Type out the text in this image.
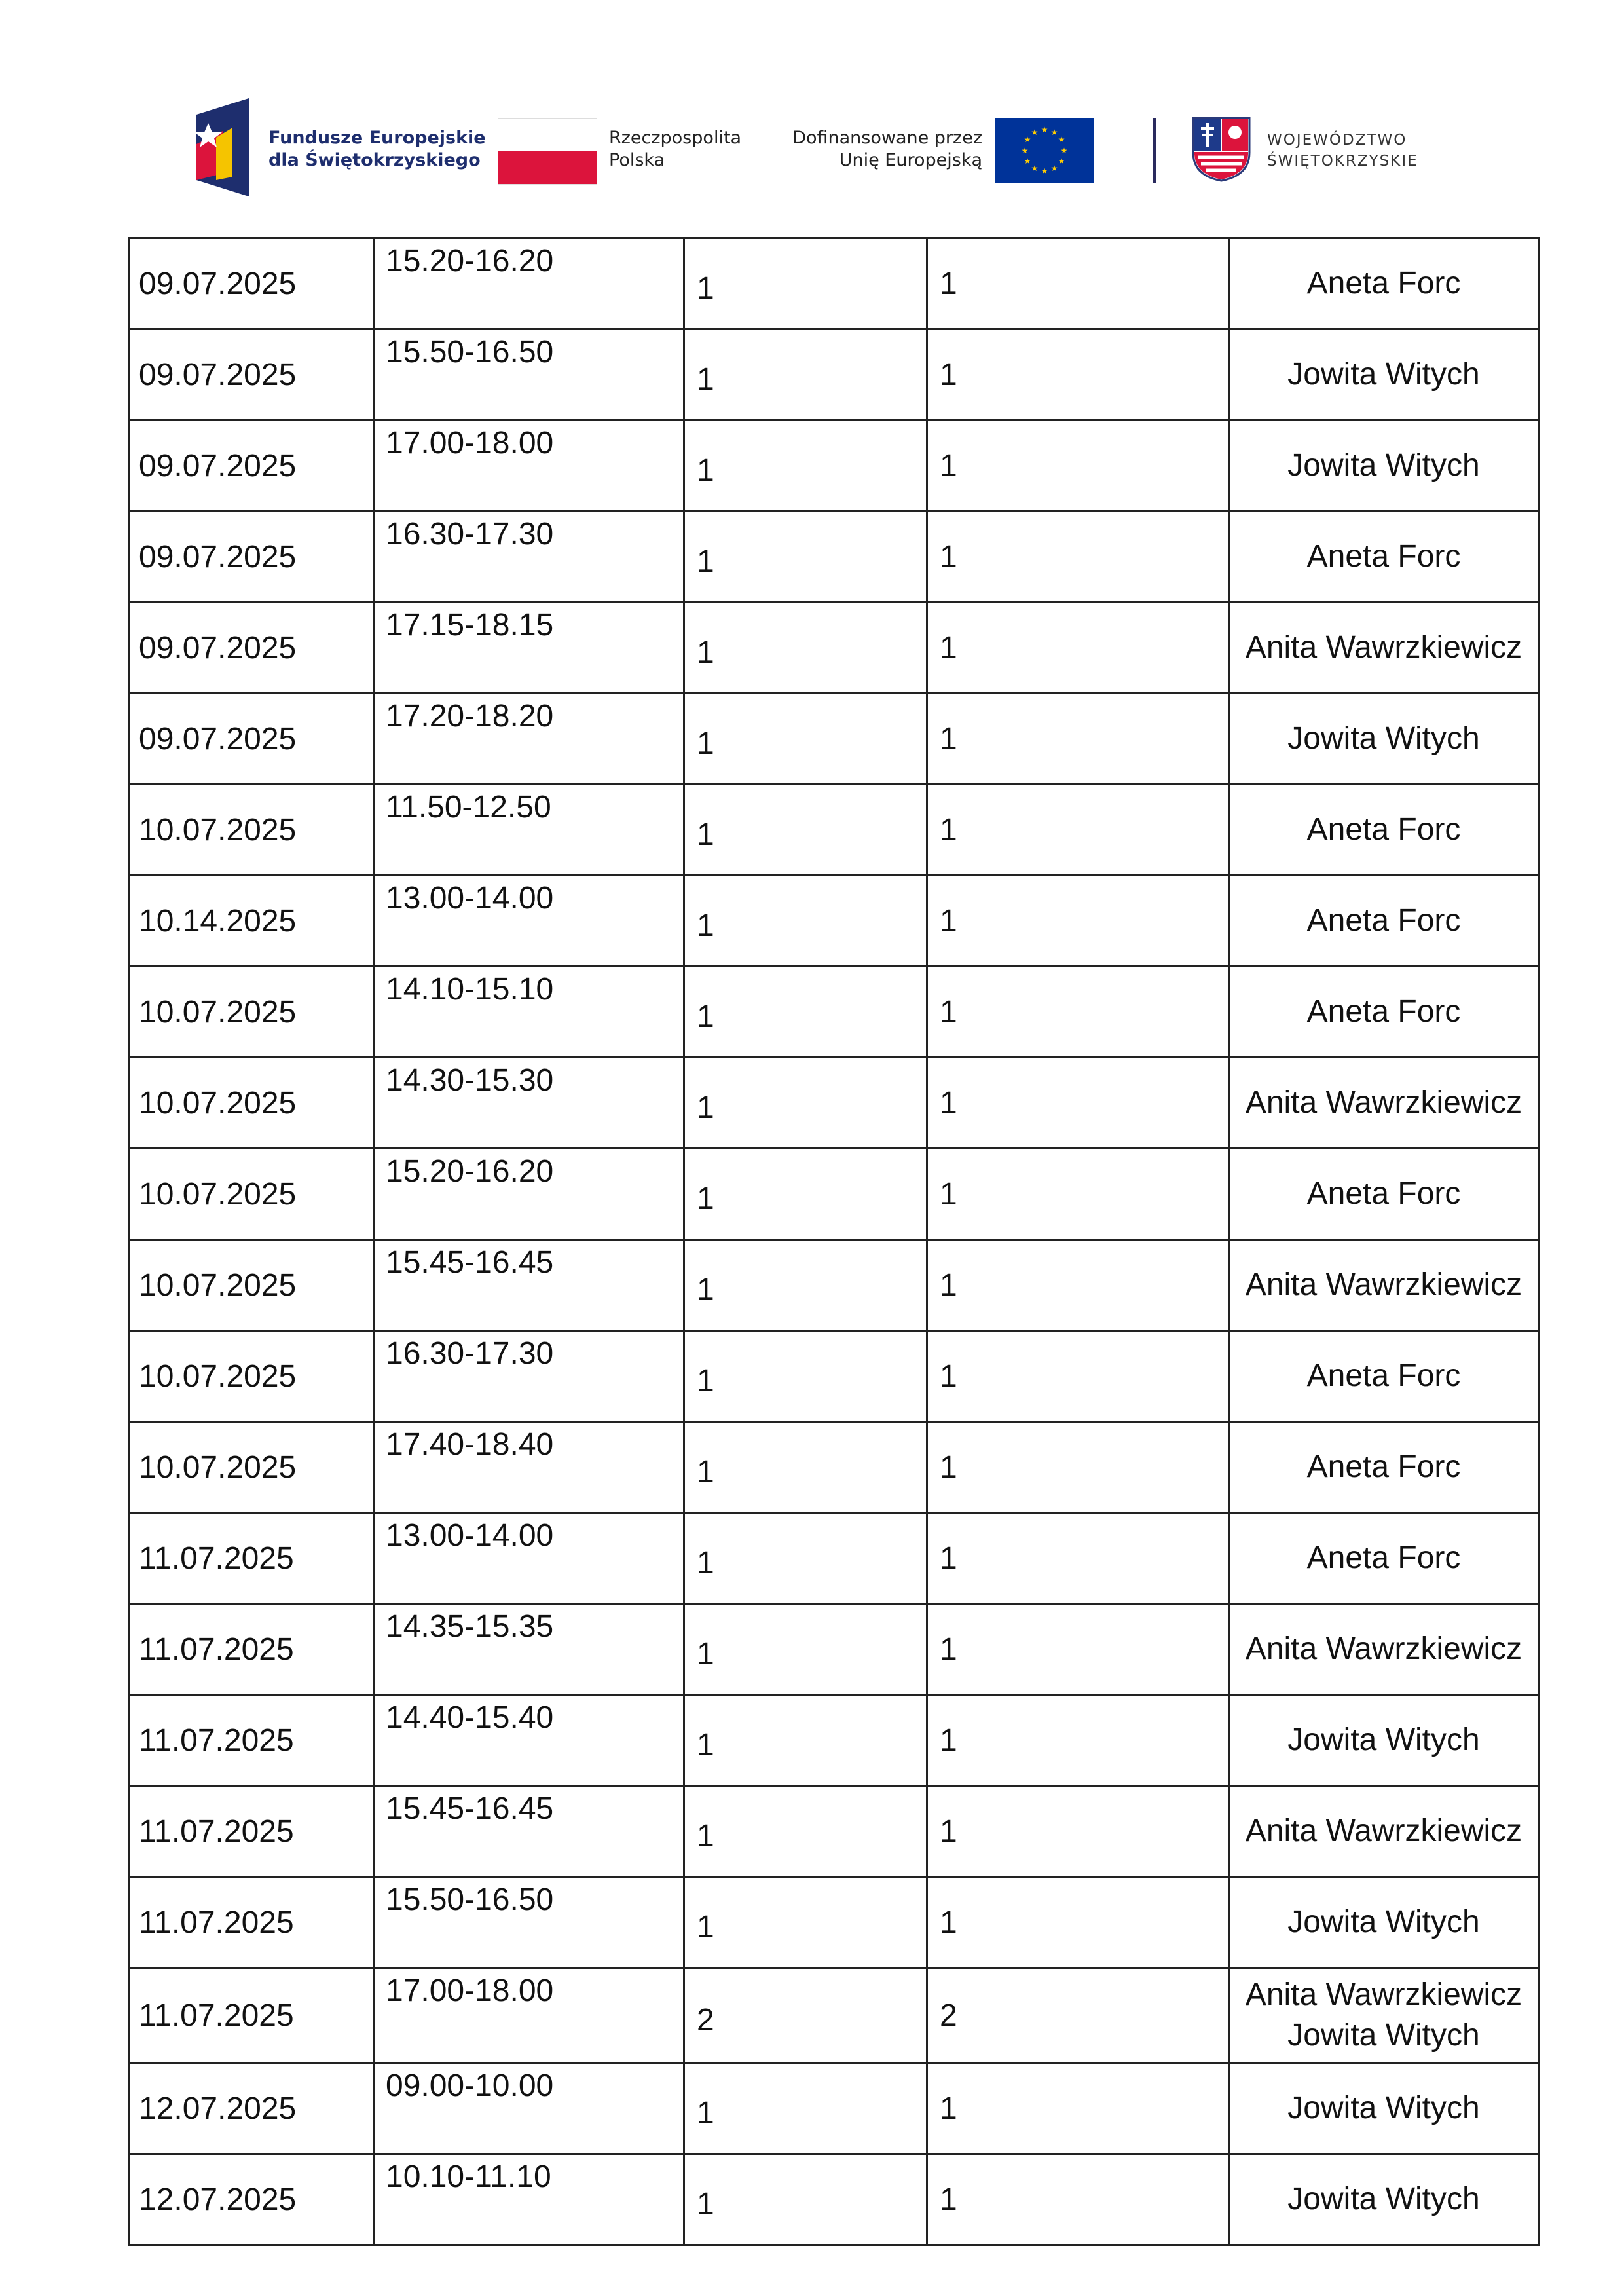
Fundusze Europejskie
dla Świętokrzyskiego
Rzeczpospolita
Polska
Dofinansowane przez
Unię Europejską
★ ★
★
★
★
★
★
★
★
★
★
★	WOJEWÓDZTWO
ŚWIĘTOKRZYSKIE
09.07.2025	15.20-16.20	1	1	Aneta Forc

09.07.2025	15.50-16.50	1	1	Jowita Witych

09.07.2025	17.00-18.00	1	1	Jowita Witych

09.07.2025	16.30-17.30	1	1	Aneta Forc

09.07.2025	17.15-18.15	1	1	Anita Wawrzkiewicz

09.07.2025	17.20-18.20	1	1	Jowita Witych

10.07.2025	11.50-12.50	1	1	Aneta Forc

10.14.2025	13.00-14.00	1	1	Aneta Forc

10.07.2025	14.10-15.10	1	1	Aneta Forc

10.07.2025	14.30-15.30	1	1	Anita Wawrzkiewicz

10.07.2025	15.20-16.20	1	1	Aneta Forc

10.07.2025	15.45-16.45	1	1	Anita Wawrzkiewicz

10.07.2025	16.30-17.30	1	1	Aneta Forc

10.07.2025	17.40-18.40	1	1	Aneta Forc

11.07.2025	13.00-14.00	1	1	Aneta Forc

11.07.2025	14.35-15.35	1	1	Anita Wawrzkiewicz

11.07.2025	14.40-15.40	1	1	Jowita Witych

11.07.2025	15.45-16.45	1	1	Anita Wawrzkiewicz

11.07.2025	15.50-16.50	1	1	Jowita Witych

11.07.2025	17.00-18.00	2	2	Anita Wawrzkiewicz
Jowita Witych

12.07.2025	09.00-10.00	1	1	Jowita Witych

12.07.2025	10.10-11.10	1	1	Jowita Witych
